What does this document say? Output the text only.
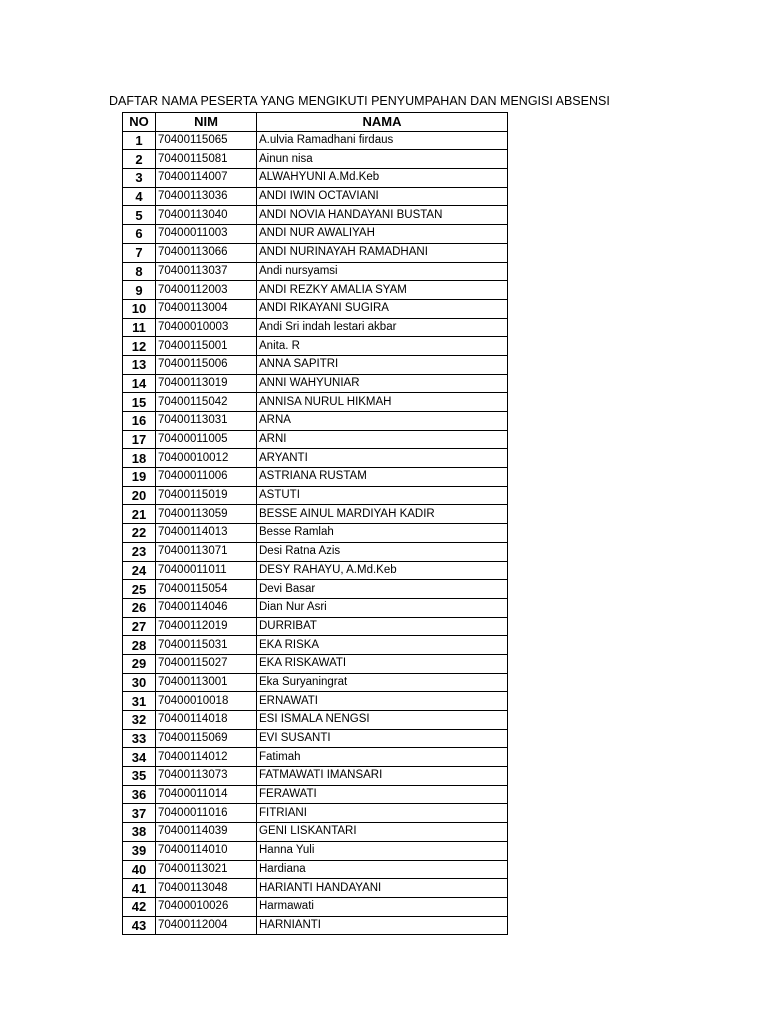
DAFTAR NAMA PESERTA YANG MENGIKUTI PENYUMPAHAN DAN MENGISI ABSENSI
NO	NIM	NAMA
1	70400115065	A.ulvia Ramadhani firdaus
2	70400115081	Ainun nisa
3	70400114007	ALWAHYUNI A.Md.Keb
4	70400113036	ANDI IWIN OCTAVIANI
5	70400113040	ANDI NOVIA HANDAYANI BUSTAN
6	70400011003	ANDI NUR AWALIYAH
7	70400113066	ANDI NURINAYAH RAMADHANI
8	70400113037	Andi nursyamsi
9	70400112003	ANDI REZKY AMALIA SYAM
10	70400113004	ANDI RIKAYANI SUGIRA
11	70400010003	Andi Sri indah lestari akbar
12	70400115001	Anita. R
13	70400115006	ANNA SAPITRI
14	70400113019	ANNI WAHYUNIAR
15	70400115042	ANNISA NURUL HIKMAH
16	70400113031	ARNA
17	70400011005	ARNI
18	70400010012	ARYANTI
19	70400011006	ASTRIANA RUSTAM
20	70400115019	ASTUTI
21	70400113059	BESSE AINUL MARDIYAH KADIR
22	70400114013	Besse Ramlah
23	70400113071	Desi Ratna Azis
24	70400011011	DESY RAHAYU, A.Md.Keb
25	70400115054	Devi Basar
26	70400114046	Dian Nur Asri
27	70400112019	DURRIBAT
28	70400115031	EKA RISKA
29	70400115027	EKA RISKAWATI
30	70400113001	Eka Suryaningrat
31	70400010018	ERNAWATI
32	70400114018	ESI ISMALA NENGSI
33	70400115069	EVI SUSANTI
34	70400114012	Fatimah
35	70400113073	FATMAWATI IMANSARI
36	70400011014	FERAWATI
37	70400011016	FITRIANI
38	70400114039	GENI LISKANTARI
39	70400114010	Hanna Yuli
40	70400113021	Hardiana
41	70400113048	HARIANTI HANDAYANI
42	70400010026	Harmawati
43	70400112004	HARNIANTI
